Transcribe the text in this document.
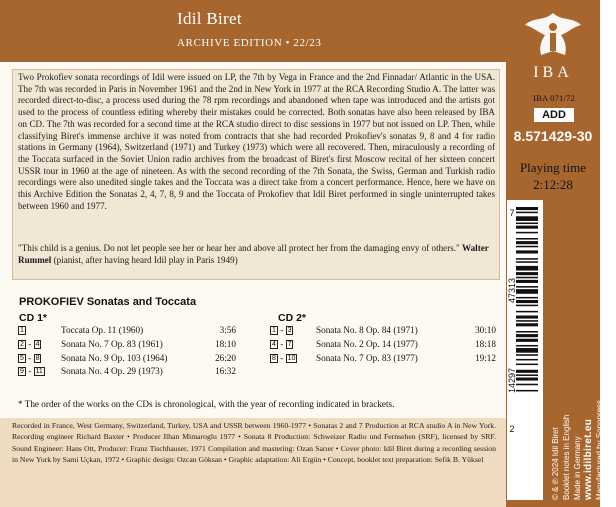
Idil Biret
ARCHIVE EDITION • 22/23

Two Prokofiev sonata recordings of Idil were issued on LP, the 7th by Vega in France and the 2nd Finnadar/ Atlantic in the USA. The 7th was recorded in Paris in November 1961 and the 2nd in New York in 1977 at the RCA Recording Studio A. The latter was recorded direct-to-disc, a process used during the 78 rpm recordings and abandoned when tape was introduced and the artists got used to the process of countless editing whereby their mistakes could be corrected. Both sonatas have also been released by IBA on CD. The 7th was recorded for a second time at the RCA studio direct to disc sessions in 1977 but not issued on LP. Then, while classifying Biret's immense archive it was noted from contracts that she had recorded Prokofiev's sonatas 9, 8 and 4 for radio stations in Germany (1964), Switzerland (1971) and Turkey (1973) which were all recovered. Then, miraculously a recording of the Toccata surfaced in the Soviet Union radio archives from the broadcast of Biret's first Moscow recital of her sixteen concert USSR tour in 1960 at the age of nineteen. As with the second recording of the 7th Sonata, the Swiss, German and Turkish radio recordings were also unedited single takes and the Toccata was a direct take from a concert performance. Hence, here we have on this Archive Edition the Sonatas 2, 4, 7, 8, 9 and the Toccata of Prokofiev that Idil Biret performed in single uninterrupted takes between 1960 and 1977.

"This child is a genius. Do not let people see her or hear her and above all protect her from the damaging envy of others." Walter Rummel (pianist, after having heard Idil play in Paris 1949)
PROKOFIEV Sonatas and Toccata
CD 1*	CD 2*
1	Toccata Op. 11 (1960)	3:56
2 - 4 Sonata No. 7 Op. 83 (1961)	18:10
5 - 8 Sonata No. 9 Op. 103 (1964)	26:20
9 - 11 Sonata No. 4 Op. 29 (1973)	16:32
1 - 3	Sonata No. 8 Op. 84 (1971)	30:10
4 - 7	Sonata No. 2 Op. 14 (1977)	18:18
8 - 10 Sonata No. 7 Op. 83 (1977)	19:12
* The order of the works on the CDs is chronological, with the year of recording indicated in brackets.
Recorded in France, West Germany, Switzerland, Turkey, USA and USSR between 1960-1977 • Sonatas 2 and 7 Production at RCA studio A in New York. Recording engineer Richard Baxter • Producer Ilhan Mimaroglu 1977 • Sonata 8 Production: Schweizer Radio und Fernsehen (SRF), licensed by SRF. Sound Engineer: Hans Ott, Producer: Franz Tischhauser, 1971 Compilation and mastering: Ozan Sarıer • Cover photo: Idil Biret during a recording session in New York by Sami Uçkan, 1972 • Graphic design: Ozcan Göksan • Graphic adaptation: Ali Ergün • Concept, booklet text preparation: Sefik B. Yüksel
IBA
IBA 071/72
ADD
8.571429-30
Playing time
2:12:28
7
47313
14297
2	© & ℗ 2024 Idil Biret Booklet notes in English Made in Germany www.idilbiret.eu Manufactured by Sonopress and distributed by NAXOS
